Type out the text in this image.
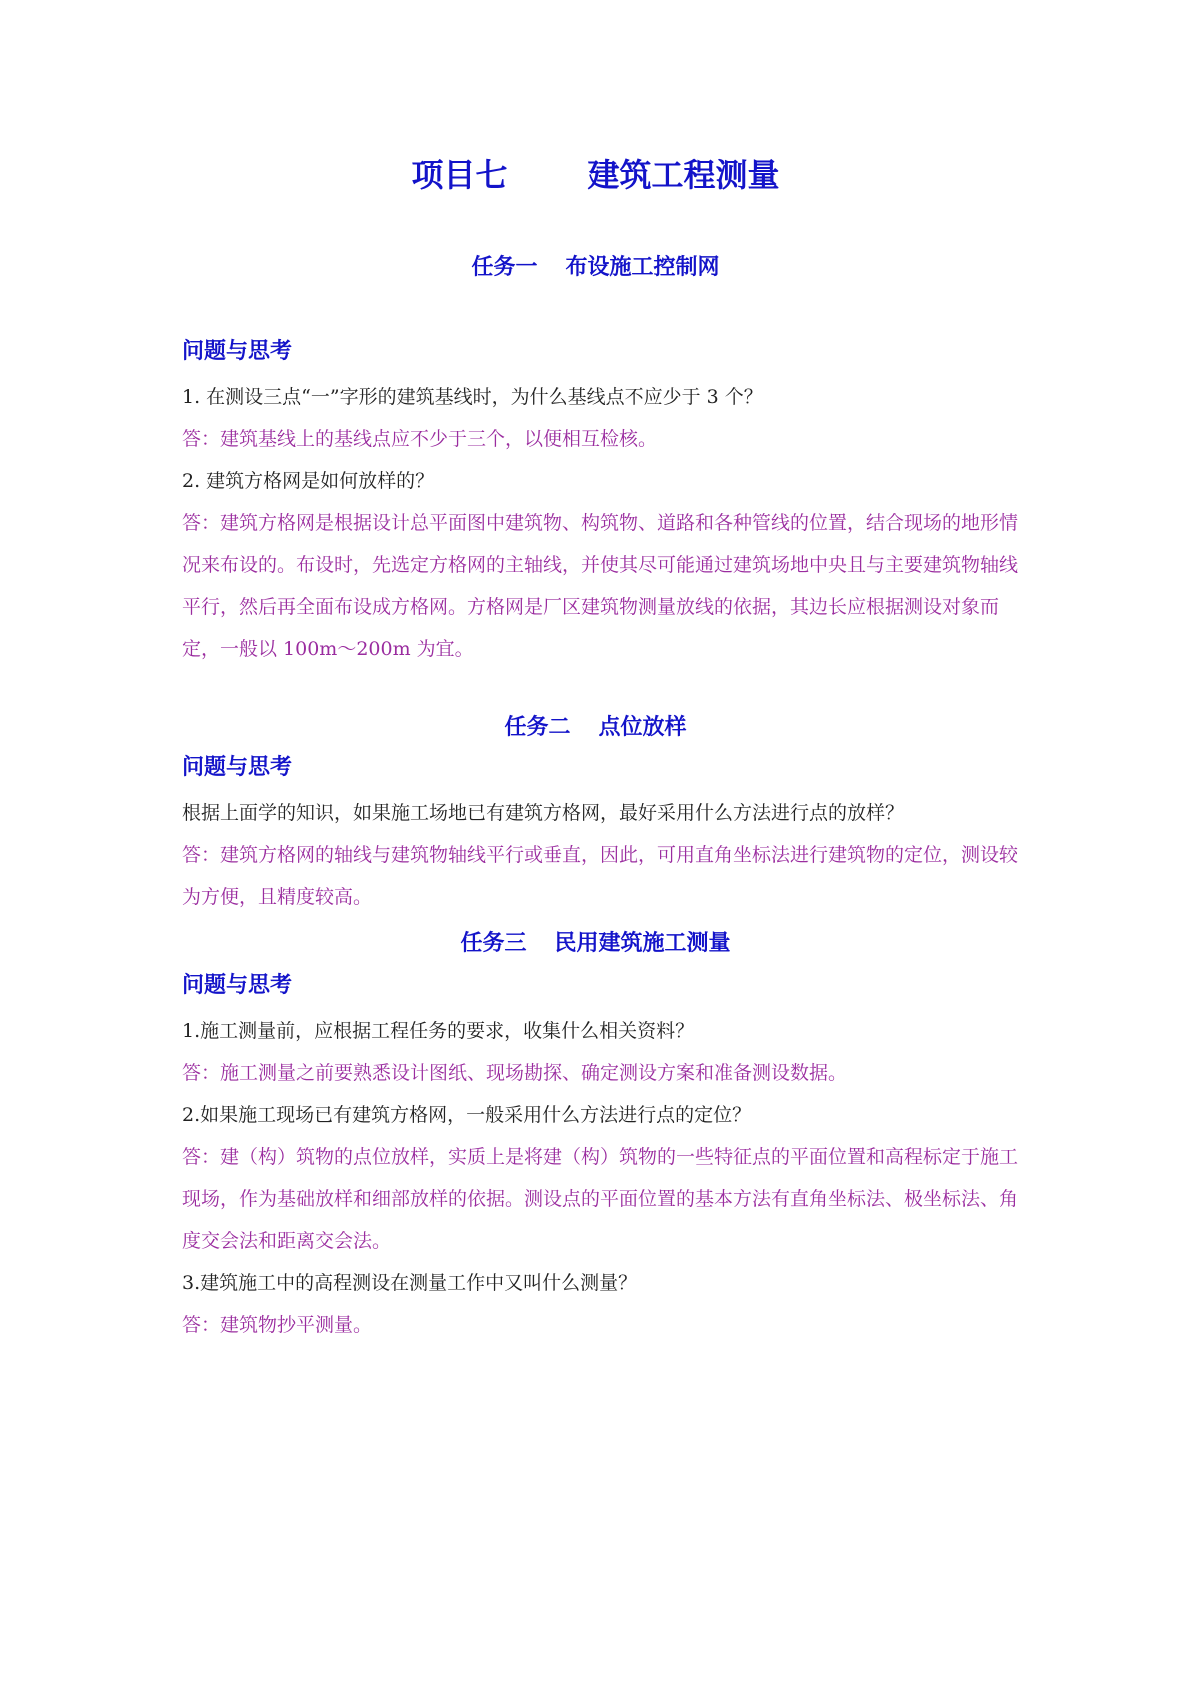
项目七	建筑工程测量
任务一 布设施工控制网
问题与思考

1. 在测设三点“一”字形的建筑基线时，为什么基线点不应少于 3 个？

答：建筑基线上的基线点应不少于三个，以便相互检核。

2. 建筑方格网是如何放样的？

答：建筑方格网是根据设计总平面图中建筑物、构筑物、道路和各种管线的位置，结合现场的地形情况来布设的。布设时，先选定方格网的主轴线，并使其尽可能通过建筑场地中央且与主要建筑物轴线平行，然后再全面布设成方格网。方格网是厂区建筑物测量放线的依据，其边长应根据测设对象而定，一般以 100m～200m 为宜。

任务二 点位放样
问题与思考

根据上面学的知识，如果施工场地已有建筑方格网，最好采用什么方法进行点的放样？

答：建筑方格网的轴线与建筑物轴线平行或垂直，因此，可用直角坐标法进行建筑物的定位，测设较为方便，且精度较高。

任务三 民用建筑施工测量
问题与思考

1.施工测量前，应根据工程任务的要求，收集什么相关资料？

答：施工测量之前要熟悉设计图纸、现场勘探、确定测设方案和准备测设数据。

2.如果施工现场已有建筑方格网，一般采用什么方法进行点的定位？

答：建（构）筑物的点位放样，实质上是将建（构）筑物的一些特征点的平面位置和高程标定于施工现场，作为基础放样和细部放样的依据。测设点的平面位置的基本方法有直角坐标法、极坐标法、角度交会法和距离交会法。

3.建筑施工中的高程测设在测量工作中又叫什么测量？

答：建筑物抄平测量。
